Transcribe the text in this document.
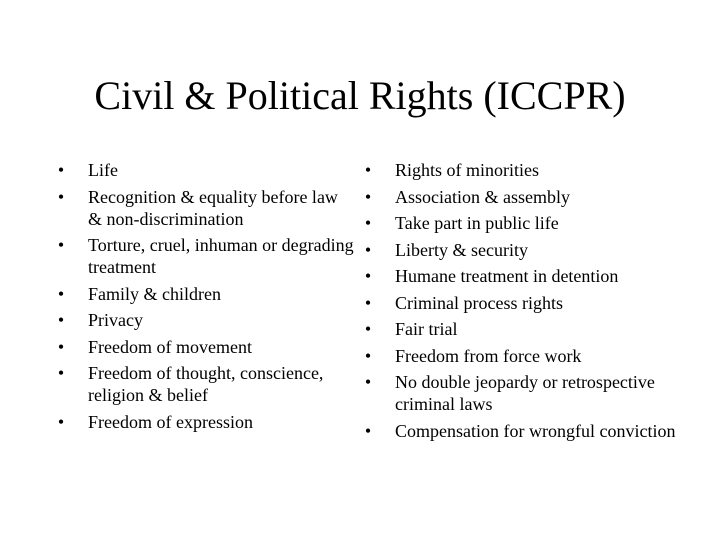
Civil & Political Rights (ICCPR)
• Life
• Recognition & equality before law & non-discrimination
• Torture, cruel, inhuman or degrading treatment
• Family & children
• Privacy
• Freedom of movement
• Freedom of thought, conscience, religion & belief
• Freedom of expression
• Rights of minorities
• Association & assembly
• Take part in public life
• Liberty & security
• Humane treatment in detention
• Criminal process rights
• Fair trial
• Freedom from force work
• No double jeopardy or retrospective criminal laws
• Compensation for wrongful conviction
